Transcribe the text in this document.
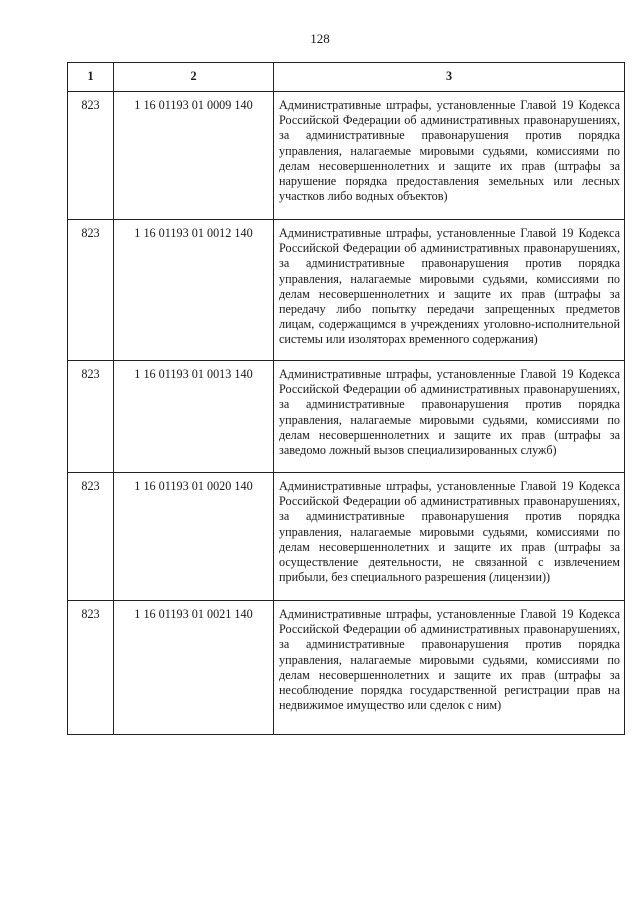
128
1	2	3
823	1 16 01193 01 0009 140	Административные штрафы, установленные Главой 19 Кодекса Российской Федерации об административных правонарушениях, за административные правонарушения против порядка управления, налагаемые мировыми судьями, комиссиями по делам несовершеннолетних и защите их прав (штрафы за нарушение порядка предоставления земельных или лесных участков либо водных объектов)
823	1 16 01193 01 0012 140	Административные штрафы, установленные Главой 19 Кодекса Российской Федерации об административных правонарушениях, за административные правонарушения против порядка управления, налагаемые мировыми судьями, комиссиями по делам несовершеннолетних и защите их прав (штрафы за передачу либо попытку передачи запрещенных предметов лицам, содержащимся в учреждениях уголовно-исполнительной системы или изоляторах временного содержания)
823	1 16 01193 01 0013 140	Административные штрафы, установленные Главой 19 Кодекса Российской Федерации об административных правонарушениях, за административные правонарушения против порядка управления, налагаемые мировыми судьями, комиссиями по делам несовершеннолетних и защите их прав (штрафы за заведомо ложный вызов специализированных служб)
823	1 16 01193 01 0020 140	Административные штрафы, установленные Главой 19 Кодекса Российской Федерации об административных правонарушениях, за административные правонарушения против порядка управления, налагаемые мировыми судьями, комиссиями по делам несовершеннолетних и защите их прав (штрафы за осуществление деятельности, не связанной с извлечением прибыли, без специального разрешения (лицензии))
823	1 16 01193 01 0021 140	Административные штрафы, установленные Главой 19 Кодекса Российской Федерации об административных правонарушениях, за административные правонарушения против порядка управления, налагаемые мировыми судьями, комиссиями по делам несовершеннолетних и защите их прав (штрафы за несоблюдение порядка государственной регистрации прав на недвижимое имущество или сделок с ним)
